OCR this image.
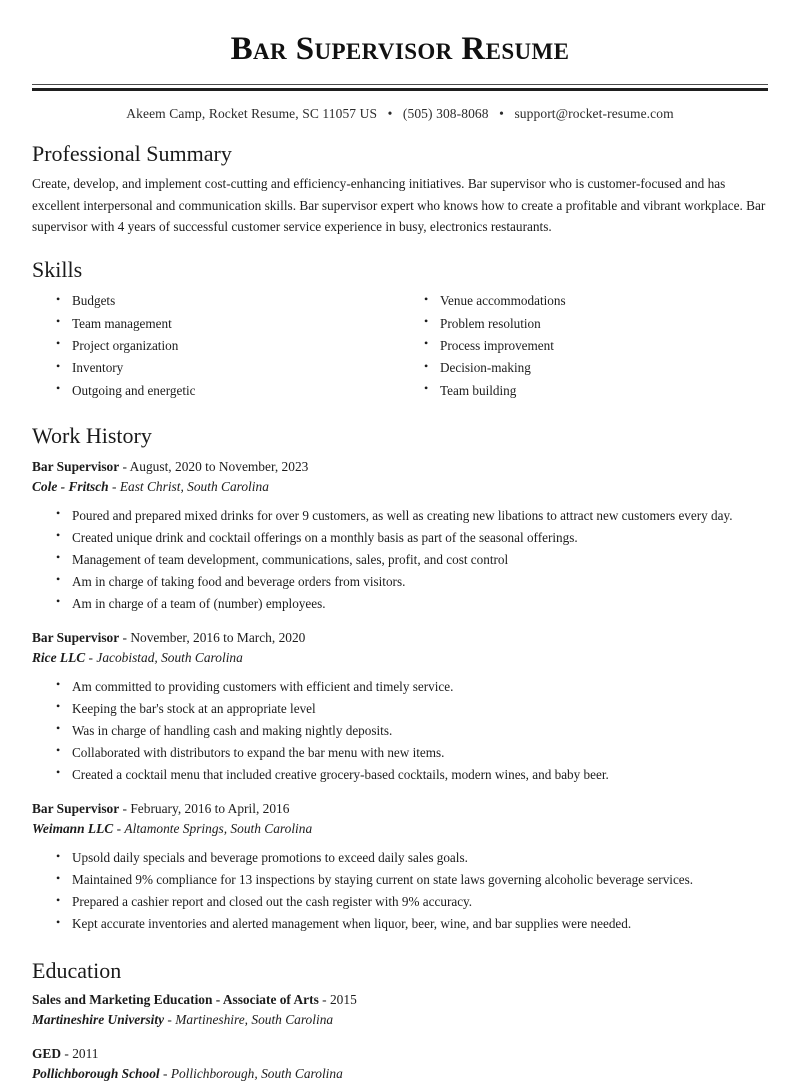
Bar Supervisor Resume
Akeem Camp, Rocket Resume, SC 11057 US • (505) 308-8068 • support@rocket-resume.com
Professional Summary

Create, develop, and implement cost-cutting and efficiency-enhancing initiatives. Bar supervisor who is customer-focused and has excellent interpersonal and communication skills. Bar supervisor expert who knows how to create a profitable and vibrant workplace. Bar supervisor with 4 years of successful customer service experience in busy, electronics restaurants.

Skills
• Budgets
• Team management
• Project organization
• Inventory
• Outgoing and energetic
• Venue accommodations
• Problem resolution
• Process improvement
• Decision-making
• Team building
Work History
Bar Supervisor - August, 2020 to November, 2023
Cole - Fritsch - East Christ, South Carolina
• Poured and prepared mixed drinks for over 9 customers, as well as creating new libations to attract new customers every day.
• Created unique drink and cocktail offerings on a monthly basis as part of the seasonal offerings.
• Management of team development, communications, sales, profit, and cost control
• Am in charge of taking food and beverage orders from visitors.
• Am in charge of a team of (number) employees.
Bar Supervisor - November, 2016 to March, 2020
Rice LLC - Jacobistad, South Carolina
• Am committed to providing customers with efficient and timely service.
• Keeping the bar's stock at an appropriate level
• Was in charge of handling cash and making nightly deposits.
• Collaborated with distributors to expand the bar menu with new items.
• Created a cocktail menu that included creative grocery-based cocktails, modern wines, and baby beer.
Bar Supervisor - February, 2016 to April, 2016
Weimann LLC - Altamonte Springs, South Carolina
• Upsold daily specials and beverage promotions to exceed daily sales goals.
• Maintained 9% compliance for 13 inspections by staying current on state laws governing alcoholic beverage services.
• Prepared a cashier report and closed out the cash register with 9% accuracy.
• Kept accurate inventories and alerted management when liquor, beer, wine, and bar supplies were needed.
Education
Sales and Marketing Education - Associate of Arts - 2015
Martineshire University - Martineshire, South Carolina
GED - 2011
Pollichborough School - Pollichborough, South Carolina
